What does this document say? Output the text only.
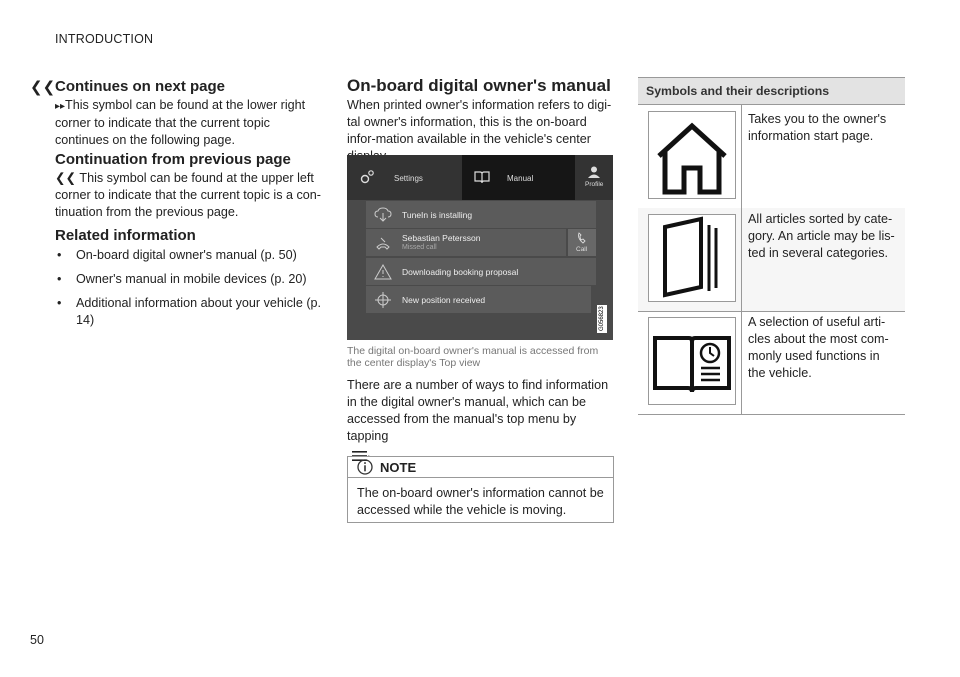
INTRODUCTION
50
❮❮ Continues on next page
▸▸This symbol can be found at the lower right corner to indicate that the current topic continues on the following page.
Continuation from previous page
❮❮ This symbol can be found at the upper left corner to indicate that the current topic is a con-tinuation from the previous page.
Related information
• On-board digital owner's manual (p. 50)
• Owner's manual in mobile devices (p. 20)
• Additional information about your vehicle (p. 14)
On-board digital owner's manual
When printed owner's information refers to digi-tal owner's information, this is the on-board infor-mation available in the vehicle's center
Settings	Manual
Profile
TuneIn is installing
Sebastian Petersson
Missed call	Call
Downloading booking proposal
New position received
G056823
The digital on-board owner's manual is accessed from the center display's Top view
There are a number of ways to find information in the digital owner's manual, which can be accessed from the manual's top menu by tapping
.
NOTE
The on-board owner's information cannot be accessed while the vehicle is moving.
Symbols and their descriptions
Takes you to the owner's information start page.
All articles sorted by cate-gory. An article may be lis-ted in several categories.
A selection of useful arti-cles about the most com-monly used functions in the vehicle.
